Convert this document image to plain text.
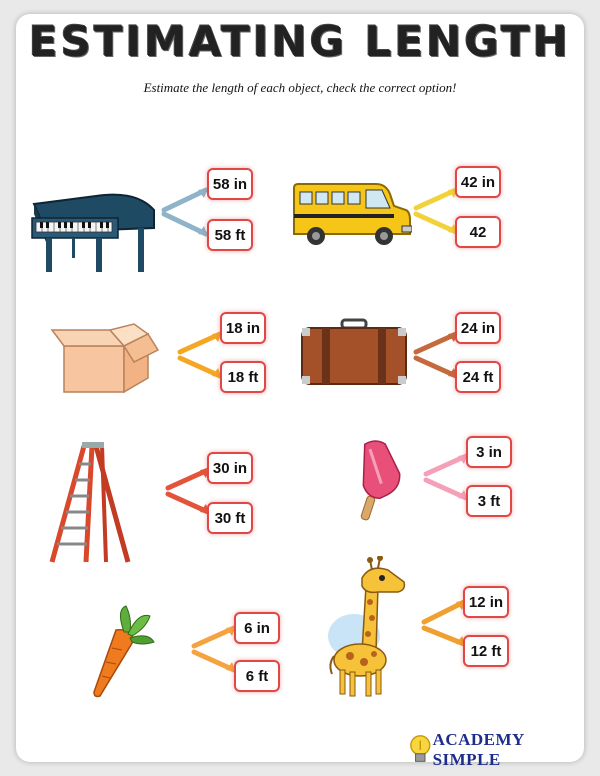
ESTIMATING LENGTH
Estimate the length of each object, check the correct option!
58 in
58 ft
42 in
42
18 in
18 ft
24 in
24 ft
30 in
30 ft
3 in
3 ft
6 in
6 ft
12 in
12 ft
ACADEMY SIMPLE
